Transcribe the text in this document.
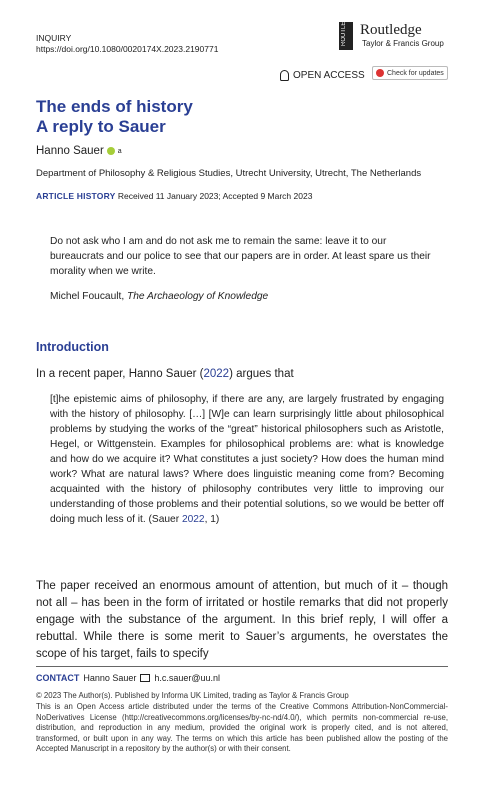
INQUIRY
https://doi.org/10.1080/0020174X.2023.2190771
ROUTLEDGE Routledge
Taylor & Francis Group
OPEN ACCESS	Check for updates
The ends of history
A reply to Sauer
Hanno Sauer a
Department of Philosophy & Religious Studies, Utrecht University, Utrecht, The Netherlands
ARTICLE HISTORY Received 11 January 2023; Accepted 9 March 2023
Do not ask who I am and do not ask me to remain the same: leave it to our bureaucrats and our police to see that our papers are in order. At least spare us their morality when we write.
Michel Foucault, The Archaeology of Knowledge
Introduction
In a recent paper, Hanno Sauer (2022) argues that
[t]he epistemic aims of philosophy, if there are any, are largely frustrated by engaging with the history of philosophy. […] [W]e can learn surprisingly little about philosophical problems by studying the works of the “great” historical philosophers such as Aristotle, Hegel, or Wittgenstein. Examples for philosophical problems are: what is knowledge and how do we acquire it? What constitutes a just society? How does the human mind work? What are natural laws? Where does linguistic meaning come from? Becoming acquainted with the history of philosophy contributes very little to improving our understanding of those problems and their potential solutions, so we would be better off doing much less of it. (Sauer 2022, 1)
The paper received an enormous amount of attention, but much of it – though not all – has been in the form of irritated or hostile remarks that did not properly engage with the substance of the argument. In this brief reply, I will offer a rebuttal. While there is some merit to Sauer’s arguments, he overstates the scope of his target, fails to specify
CONTACT Hanno Sauer h.c.sauer@uu.nl
© 2023 The Author(s). Published by Informa UK Limited, trading as Taylor & Francis Group
This is an Open Access article distributed under the terms of the Creative Commons Attribution-NonCommercial-NoDerivatives License (http://creativecommons.org/licenses/by-nc-nd/4.0/), which permits non-commercial re-use, distribution, and reproduction in any medium, provided the original work is properly cited, and is not altered, transformed, or built upon in any way. The terms on which this article has been published allow the posting of the Accepted Manuscript in a repository by the author(s) or with their consent.
